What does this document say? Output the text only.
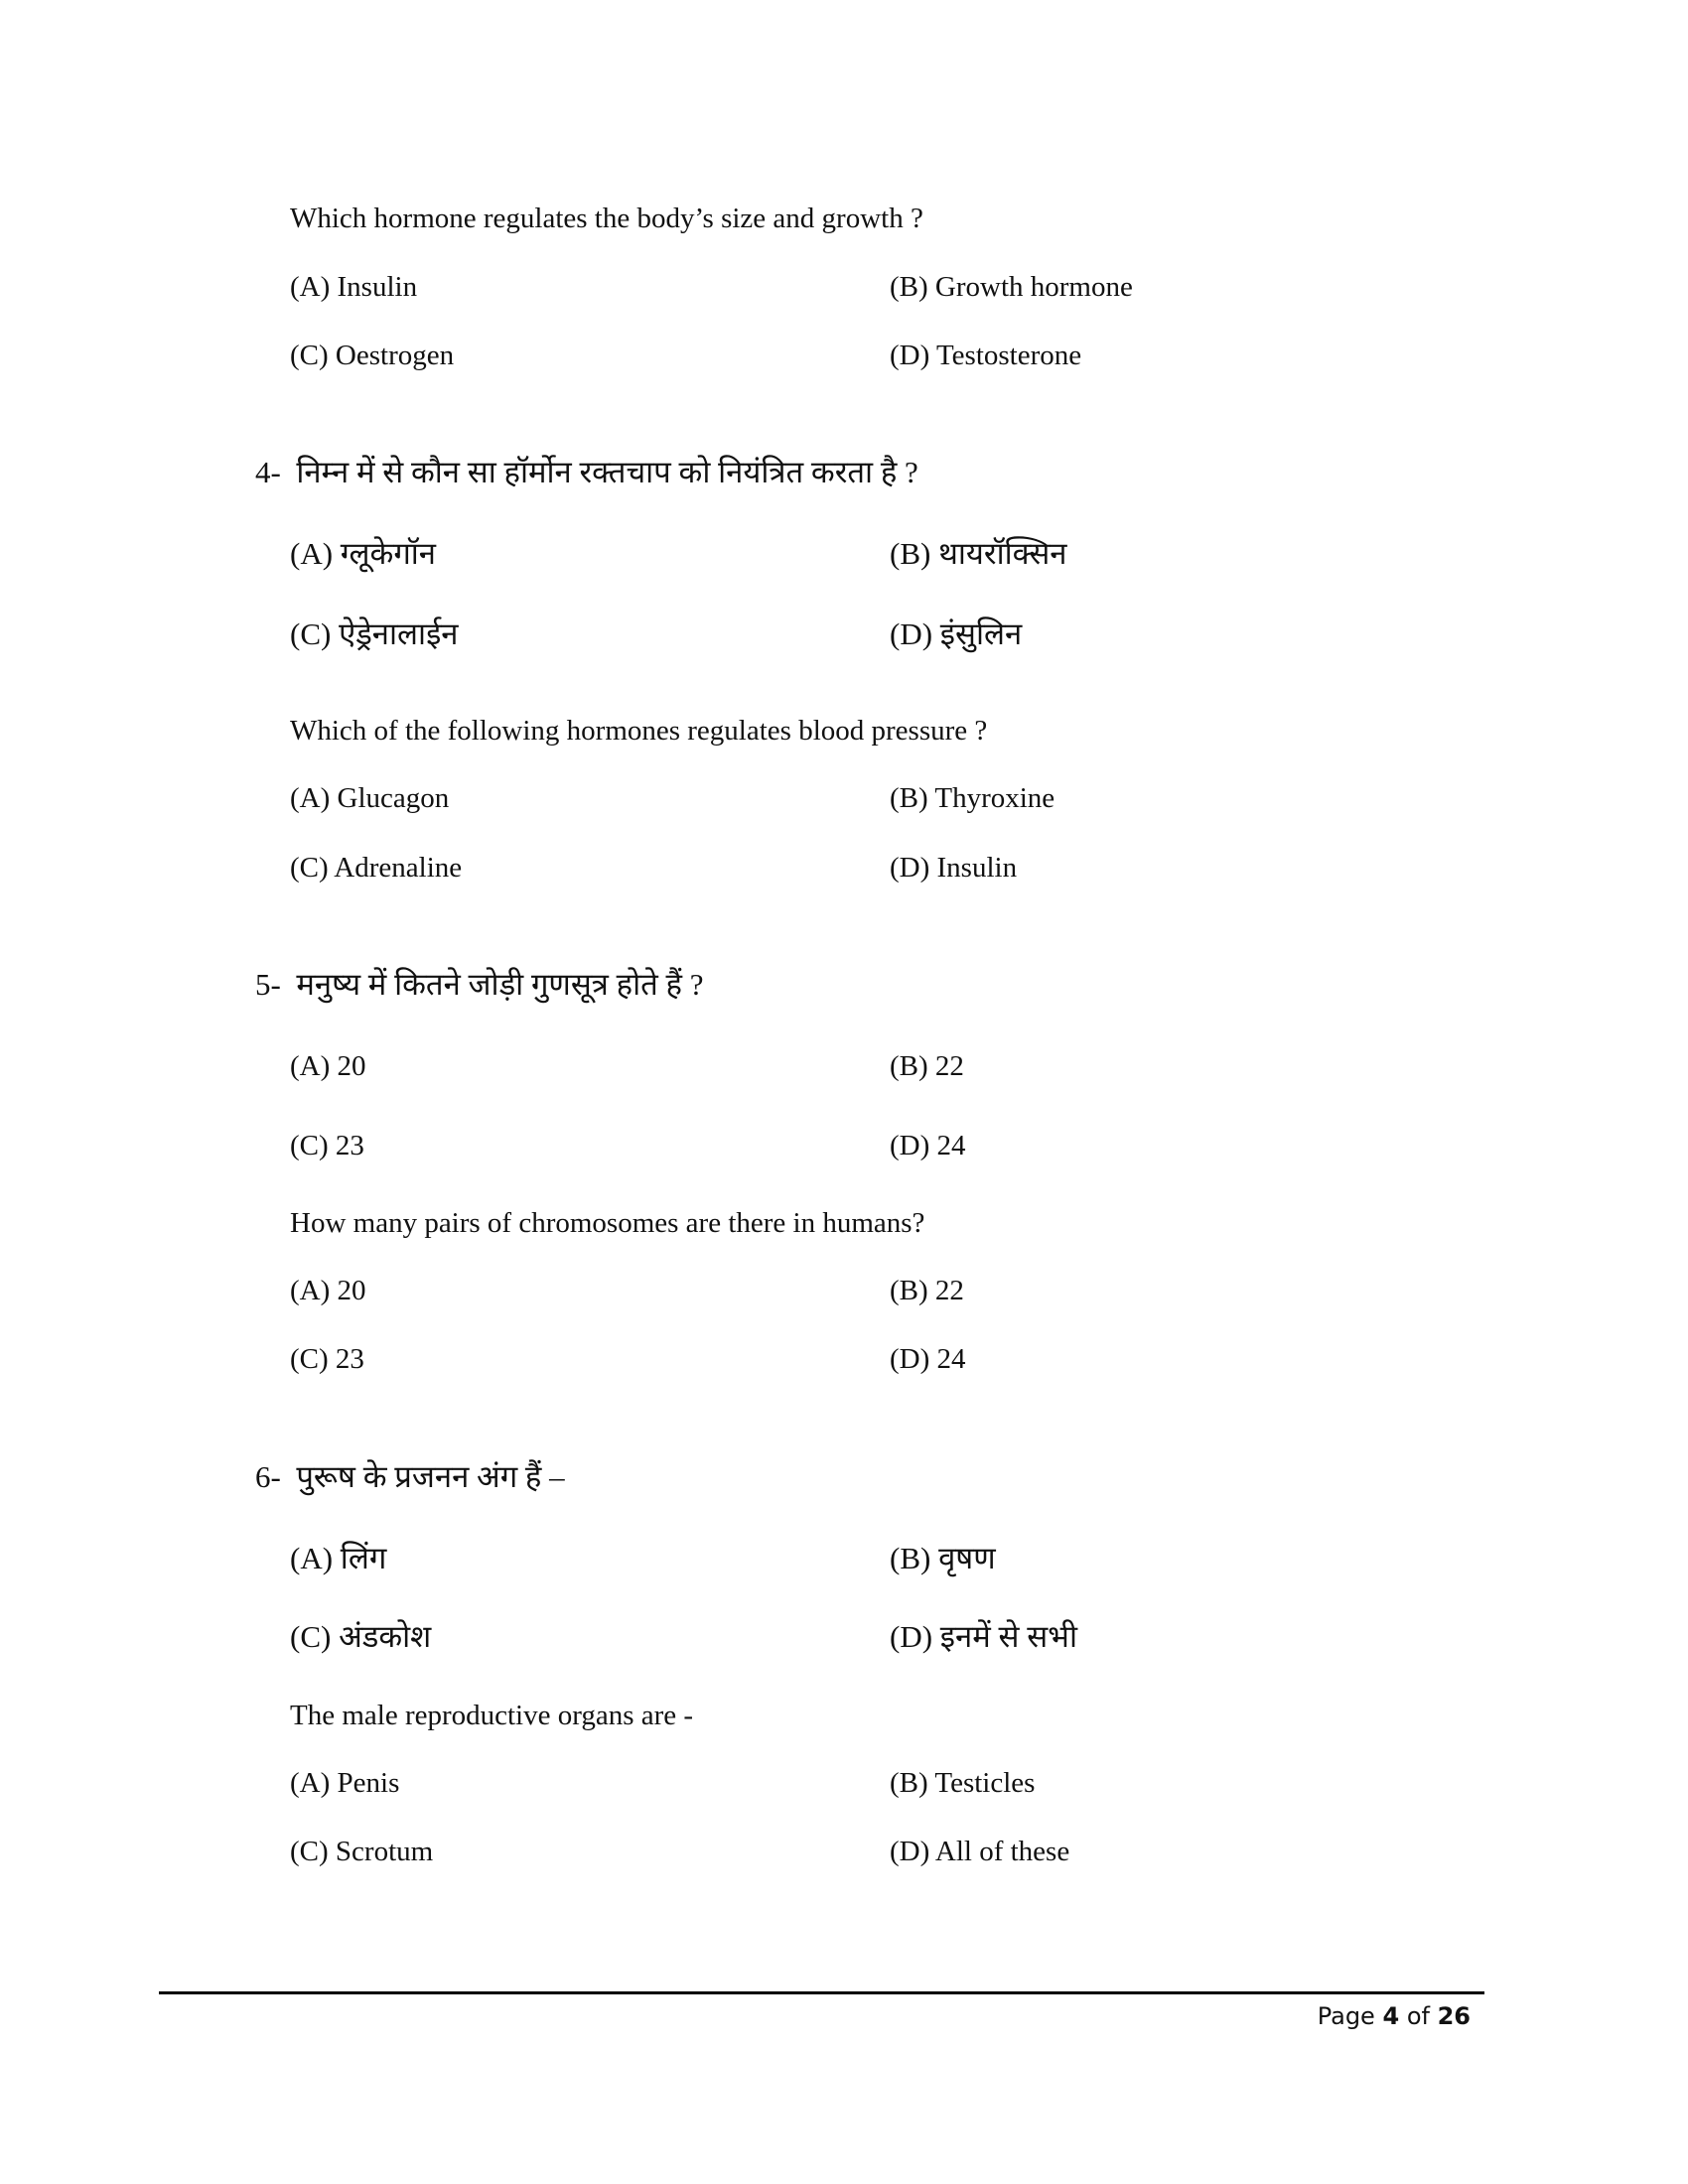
Which hormone regulates the body’s size and growth ?
(A) Insulin	(B) Growth hormone
(C) Oestrogen	(D) Testosterone
4- निम्न में से कौन सा हॉर्मोन रक्तचाप को नियंत्रित करता है ?
(A) ग्लूकेगॉन	(B) थायरॉक्सिन
(C) ऐड्रेनालाईन	(D) इंसुलिन
Which of the following hormones regulates blood pressure ?
(A) Glucagon	(B) Thyroxine
(C) Adrenaline	(D) Insulin
5- मनुष्य में कितने जोड़ी गुणसूत्र होते हैं ?
(A) 20	(B) 22
(C) 23	(D) 24
How many pairs of chromosomes are there in humans?
(A) 20	(B) 22
(C) 23	(D) 24
6- पुरूष के प्रजनन अंग हैं –
(A) लिंग	(B) वृषण
(C) अंडकोश	(D) इनमें से सभी
The male reproductive organs are -
(A) Penis	(B) Testicles
(C) Scrotum	(D) All of these
Page 4 of 26
